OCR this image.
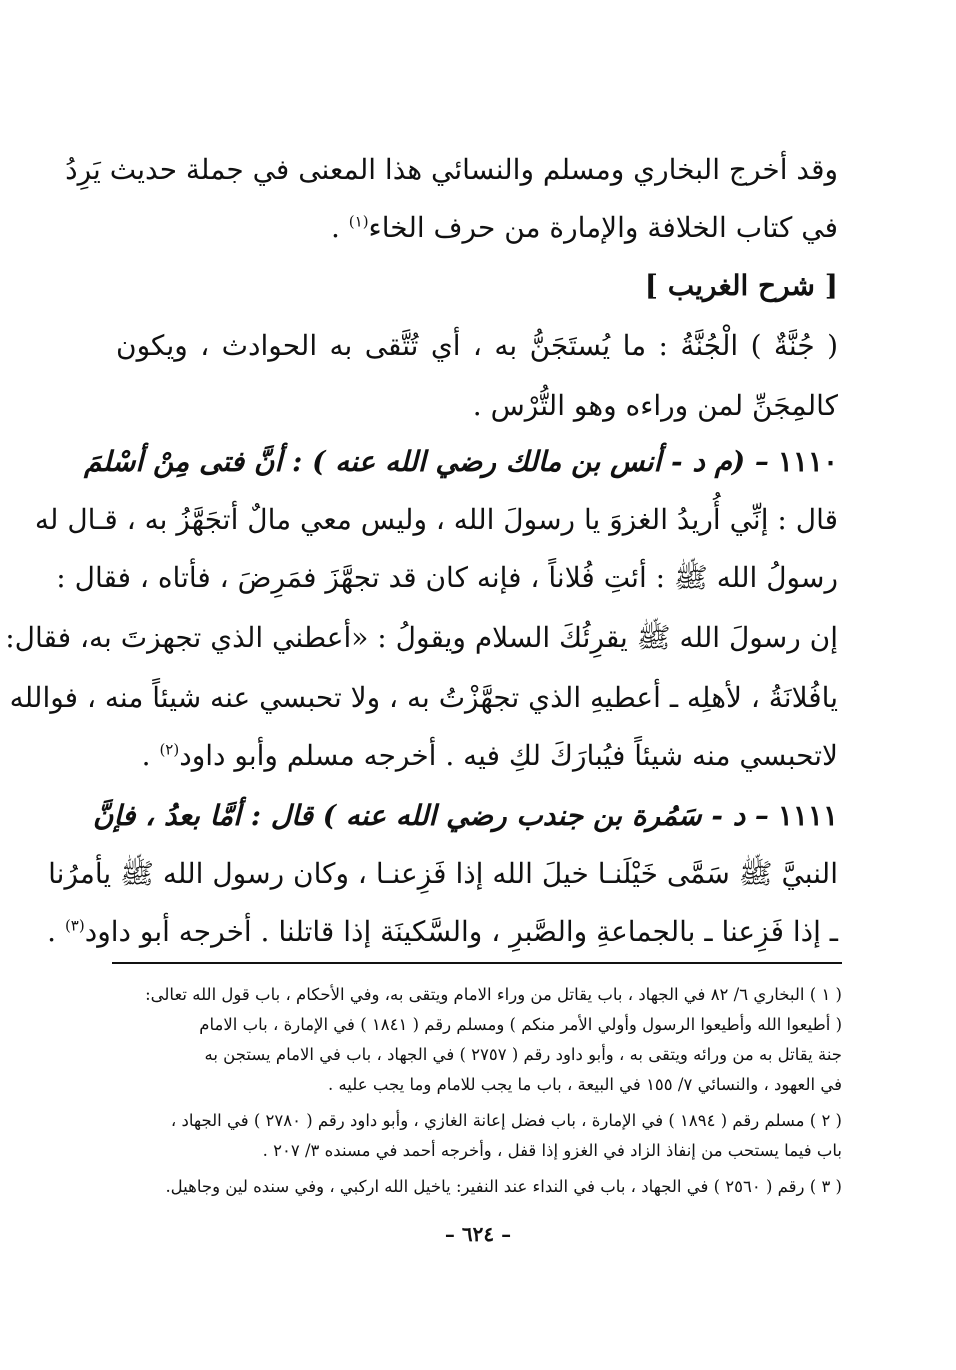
وقد أخرج البخاري ومسلم والنسائي هذا المعنى في جملة حديث يَرِدُ
في كتاب الخلافة والإمارة من حرف الخاء$^{(١)}$ .
[ شرح الغريب ]
( جُنَّةٌ ) الْجُنَّةُ : ما يُستَجَنُّ به ، أي تُتَّقى به الحوادث ، ويكون
كالمِجَنِّ لمن وراءه وهو التُّرْس .
١١١٠ – (م د - أنس بن مالك رضي الله عنه ) : أنَّ فتى مِنْ أسْلمَ
قال : إنِّي أُريدُ الغزوَ يا رسولَ الله ، وليس معي مالٌ أتجَهَّزُ به ، قـال له
رسولُ الله ﷺ : أئتِ فُلاناً ، فإنه كان قد تجهَّزَ فمَرِضَ ، فأتاه ، فقال :
إن رسولَ الله ﷺ يقرِئُكَ السلام ويقولُ : «أعطني الذي تجهزتَ به، فقال:
يافُلانَةُ ، لأهلِه ـ أعطيهِ الذي تجهَّزْتُ به ، ولا تحبسي عنه شيئاً منه ، فوالله
لاتحبسي منه شيئاً فيُبارَكَ لكِ فيه . أخرجه مسلم وأبو داود$^{(٢)}$ .
١١١١ – د - سَمُرة بن جندب رضي الله عنه ) قال : أمَّا بعدُ ، فإنَّ
النبيَّ ﷺ سَمَّى خَيْلَنـا خيلَ الله إذا فَزِعنـا ، وكان رسول الله ﷺ يأمرُنا
ـ إذا فَزِعنا ـ بالجماعةِ والصَّبرِ ، والسَّكينَة إذا قاتلنا . أخرجه أبو داود$^{(٣)}$ .
( ١ ) البخاري ٦/ ٨٢ في الجهاد ، باب يقاتل من وراء الامام ويتقى به، وفي الأحكام ، باب قول الله تعالى:
( أطيعوا الله وأطيعوا الرسول وأولي الأمر منكم ) ومسلم رقم ( ١٨٤١ ) في الإمارة ، باب الامام
جنة يقاتل به من ورائه ويتقى به ، وأبو داود رقم ( ٢٧٥٧ ) في الجهاد ، باب في الامام يستجن به
في العهود ، والنسائي ٧/ ١٥٥ في البيعة ، باب ما يجب للامام وما يجب عليه .
( ٢ ) مسلم رقم ( ١٨٩٤ ) في الإمارة ، باب فضل إعانة الغازي ، وأبو داود رقم ( ٢٧٨٠ ) في الجهاد ،
باب فيما يستحب من إنفاذ الزاد في الغزو إذا قفل ، وأخرجه أحمد في مسنده ٣/ ٢٠٧ .
( ٣ ) رقم ( ٢٥٦٠ ) في الجهاد ، باب في النداء عند النفير: ياخيل الله اركبي ، وفي سنده لين وجاهيل.
– ٦٢٤ –
